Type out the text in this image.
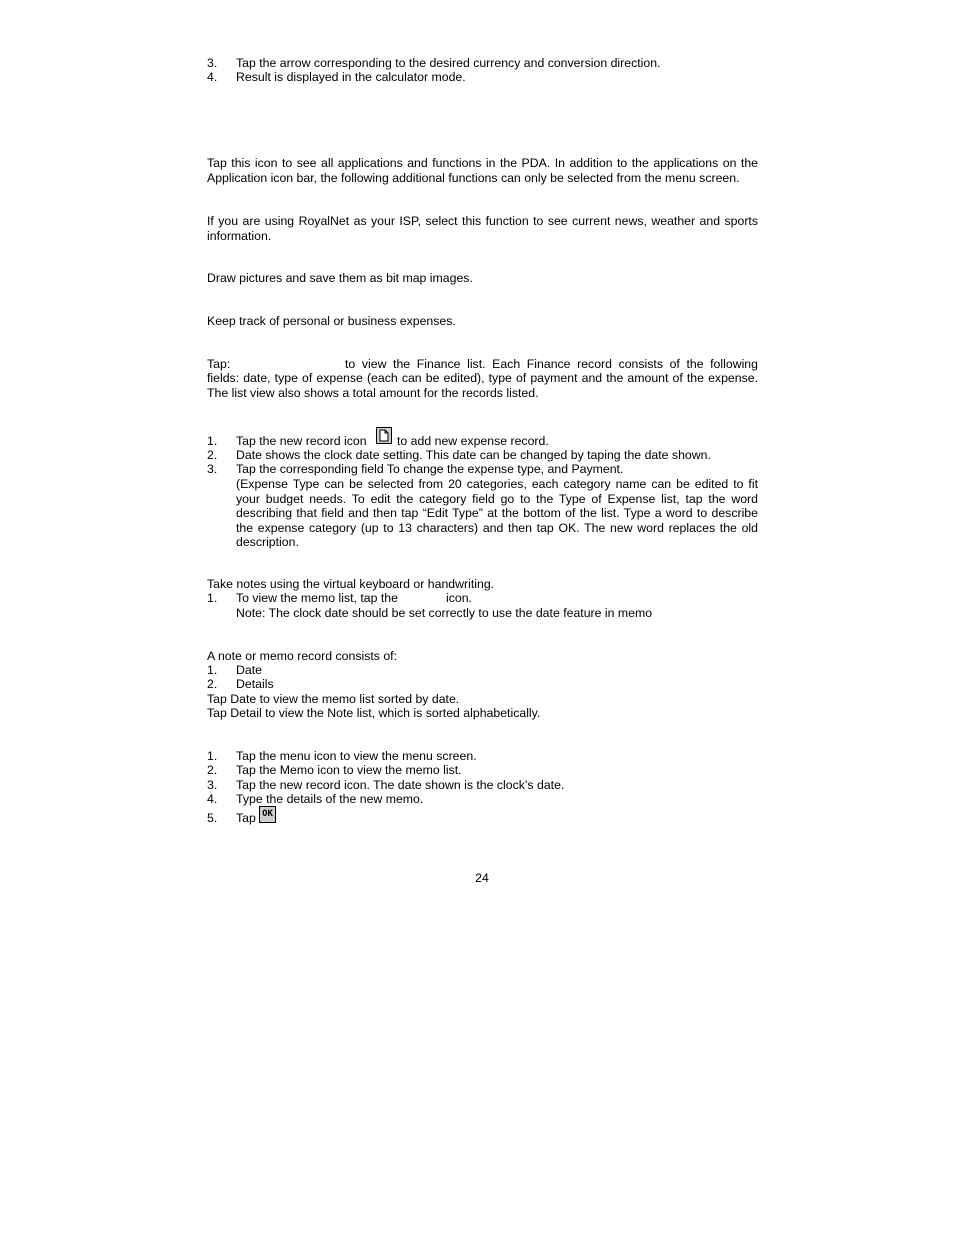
3. Tap the arrow corresponding to the desired currency and conversion direction.
4. Result is displayed in the calculator mode.
Tap this icon to see all applications and functions in the PDA. In addition to the applications on the Application icon bar, the following additional functions can only be selected from the menu screen.
If you are using RoyalNet as your ISP, select this function to see current news, weather and sports information.
Draw pictures and save them as bit map images.
Keep track of personal or business expenses.
Tap:	to view the Finance list. Each Finance record consists of the following
fields: date, type of expense (each can be edited), type of payment and the amount of the expense. The list view also shows a total amount for the records listed.
1. Tap the new record icon to add new expense record.
2. Date shows the clock date setting. This date can be changed by taping the date shown.
3. Tap the corresponding field To change the expense type, and Payment.
(Expense Type can be selected from 20 categories, each category name can be edited to fit your budget needs. To edit the category field go to the Type of Expense list, tap the word describing that field and then tap “Edit Type” at the bottom of the list. Type a word to describe the expense category (up to 13 characters) and then tap OK. The new word replaces the old description.
Take notes using the virtual keyboard or handwriting.
1. To view the memo list, tap the	icon.
Note: The clock date should be set correctly to use the date feature in memo
A note or memo record consists of:
1. Date
2. Details
Tap Date to view the memo list sorted by date.
Tap Detail to view the Note list, which is sorted alphabetically.
1. Tap the menu icon to view the menu screen.
2. Tap the Memo icon to view the memo list.
3. Tap the new record icon. The date shown is the clock’s date.
4. Type the details of the new memo.
5. Tap OK
24
